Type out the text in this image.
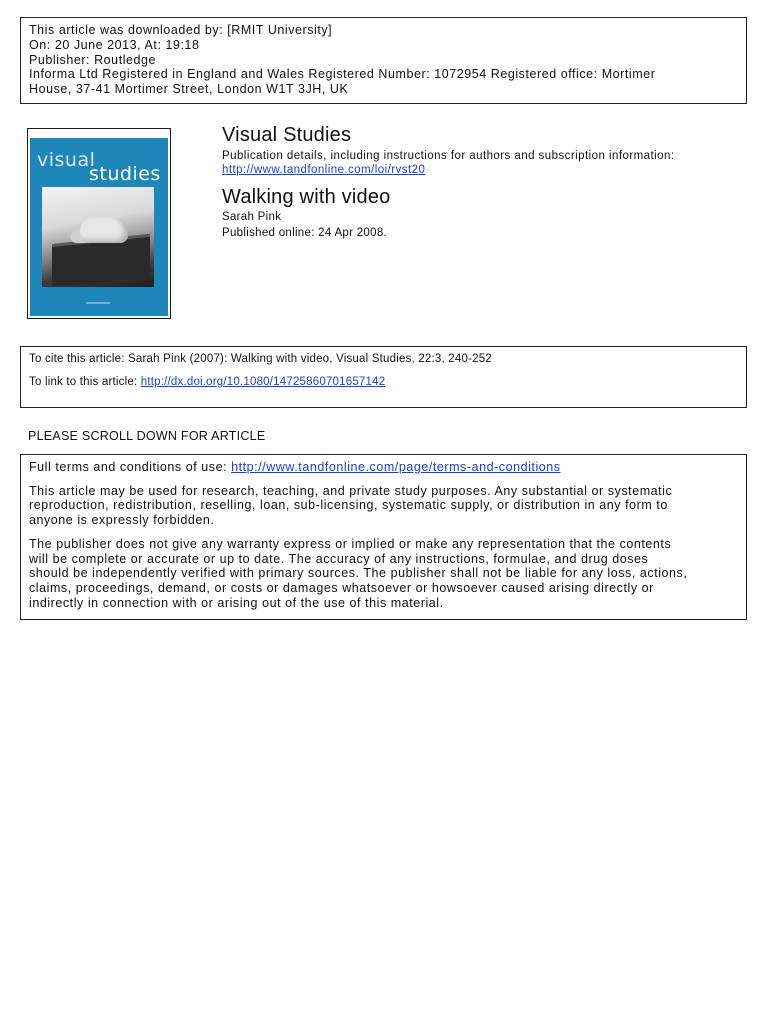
This article was downloaded by: [RMIT University]
On: 20 June 2013, At: 19:18
Publisher: Routledge
Informa Ltd Registered in England and Wales Registered Number: 1072954 Registered office: Mortimer
House, 37-41 Mortimer Street, London W1T 3JH, UK
visual
studies
Visual Studies
Publication details, including instructions for authors and subscription information:
http://www.tandfonline.com/loi/rvst20
Walking with video
Sarah Pink
Published online: 24 Apr 2008.
To cite this article: Sarah Pink (2007): Walking with video, Visual Studies, 22:3, 240-252
To link to this article: http://dx.doi.org/10.1080/14725860701657142
PLEASE SCROLL DOWN FOR ARTICLE
Full terms and conditions of use: http://www.tandfonline.com/page/terms-and-conditions
This article may be used for research, teaching, and private study purposes. Any substantial or systematic
reproduction, redistribution, reselling, loan, sub-licensing, systematic supply, or distribution in any form to
anyone is expressly forbidden.
The publisher does not give any warranty express or implied or make any representation that the contents
will be complete or accurate or up to date. The accuracy of any instructions, formulae, and drug doses
should be independently verified with primary sources. The publisher shall not be liable for any loss, actions,
claims, proceedings, demand, or costs or damages whatsoever or howsoever caused arising directly or
indirectly in connection with or arising out of the use of this material.
